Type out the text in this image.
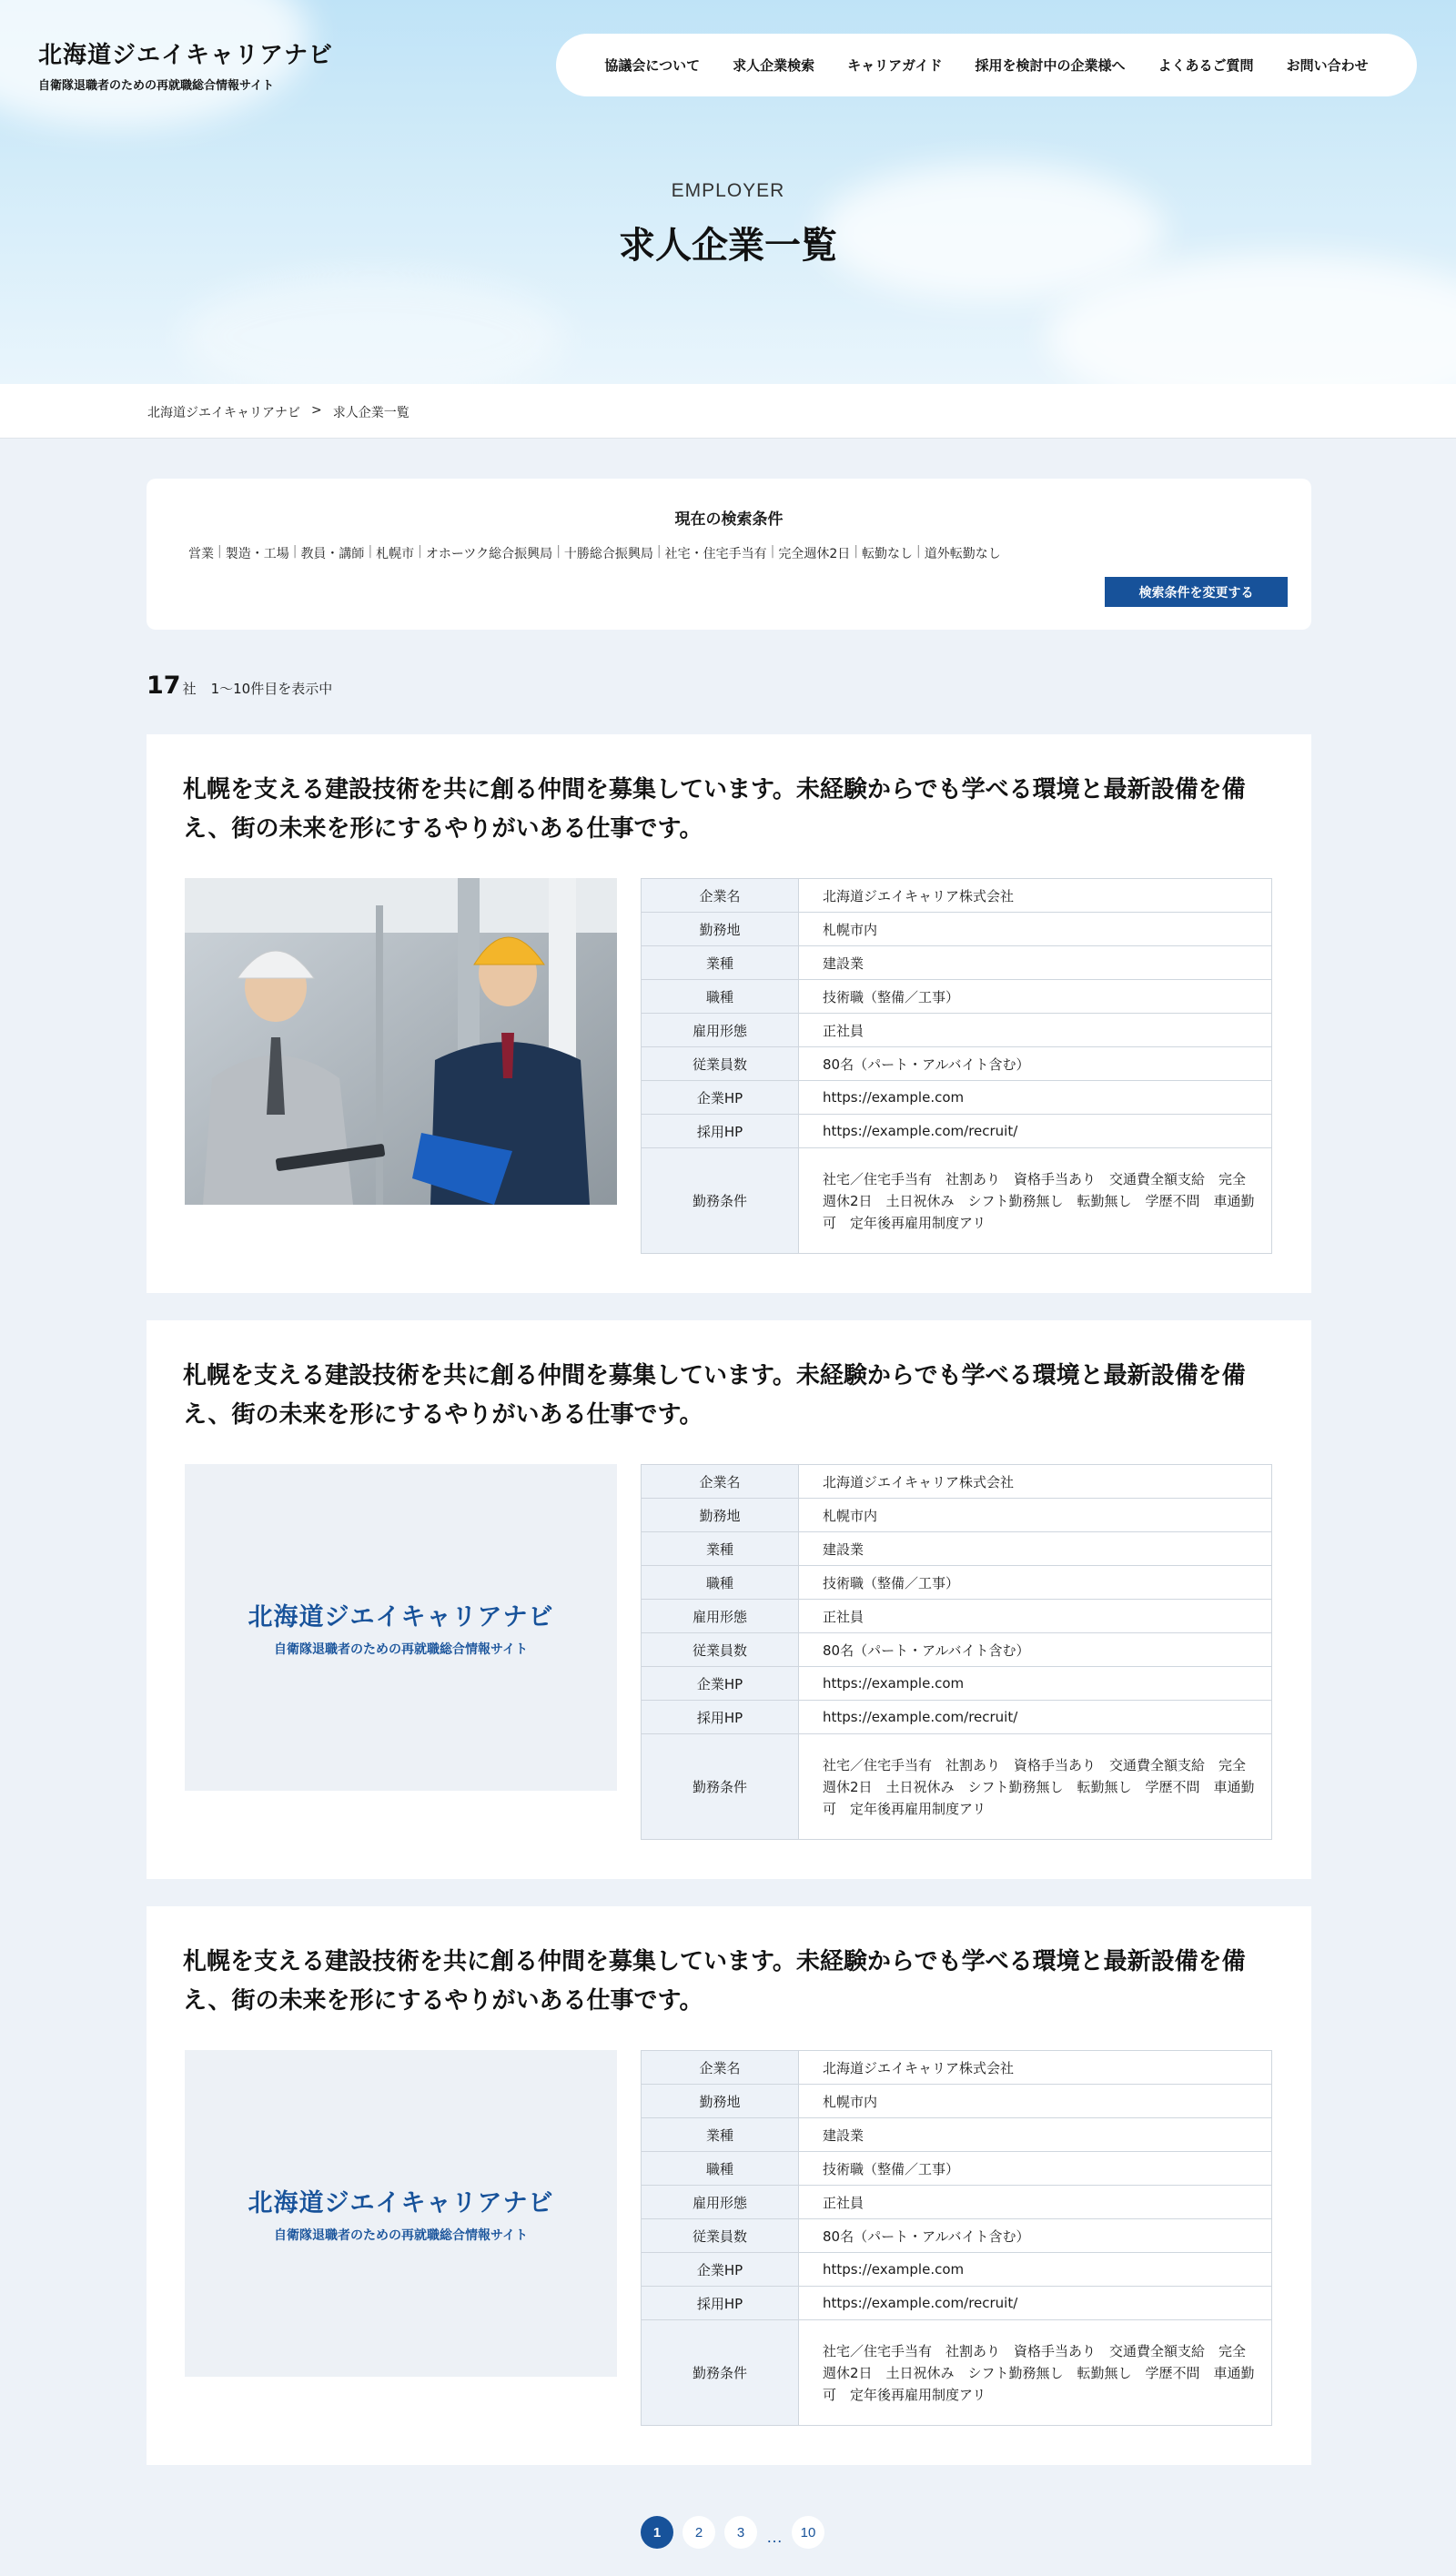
北海道ジエイキャリアナビ
自衛隊退職者のための再就職総合情報サイト
協議会について 求人企業検索 キャリアガイド 採用を検討中の企業様へ よくあるご質問 お問い合わせ
EMPLOYER
求人企業一覧
北海道ジエイキャリアナビ > 求人企業一覧
現在の検索条件
営業 | 製造・工場 | 教員・講師 | 札幌市 | オホーツク総合振興局 | 十勝総合振興局 | 社宅・住宅手当有 | 完全週休2日 | 転勤なし | 道外転勤なし
検索条件を変更する
17 社 1〜10件目を表示中
札幌を支える建設技術を共に創る仲間を募集しています。未経験からでも学べる環境と最新設備を備え、街の未来を形にするやりがいある仕事です。
企業名	北海道ジエイキャリア株式会社
勤務地	札幌市内
業種	建設業
職種	技術職（整備／工事）
雇用形態	正社員
従業員数	80名（パート・アルバイト含む）
企業HP	https://example.com
採用HP	https://example.com/recruit/
勤務条件	社宅／住宅手当有　社割あり　資格手当あり　交通費全額支給　完全週休2日　土日祝休み　シフト勤務無し　転勤無し　学歴不問　車通勤可　定年後再雇用制度アリ
札幌を支える建設技術を共に創る仲間を募集しています。未経験からでも学べる環境と最新設備を備え、街の未来を形にするやりがいある仕事です。
北海道ジエイキャリアナビ
自衛隊退職者のための再就職総合情報サイト
企業名	北海道ジエイキャリア株式会社
勤務地	札幌市内
業種	建設業
職種	技術職（整備／工事）
雇用形態	正社員
従業員数	80名（パート・アルバイト含む）
企業HP	https://example.com
採用HP	https://example.com/recruit/
勤務条件	社宅／住宅手当有　社割あり　資格手当あり　交通費全額支給　完全週休2日　土日祝休み　シフト勤務無し　転勤無し　学歴不問　車通勤可　定年後再雇用制度アリ
札幌を支える建設技術を共に創る仲間を募集しています。未経験からでも学べる環境と最新設備を備え、街の未来を形にするやりがいある仕事です。
北海道ジエイキャリアナビ
自衛隊退職者のための再就職総合情報サイト
企業名	北海道ジエイキャリア株式会社
勤務地	札幌市内
業種	建設業
職種	技術職（整備／工事）
雇用形態	正社員
従業員数	80名（パート・アルバイト含む）
企業HP	https://example.com
採用HP	https://example.com/recruit/
勤務条件	社宅／住宅手当有　社割あり　資格手当あり　交通費全額支給　完全週休2日　土日祝休み　シフト勤務無し　転勤無し　学歴不問　車通勤可　定年後再雇用制度アリ
1	2	3	…	10
